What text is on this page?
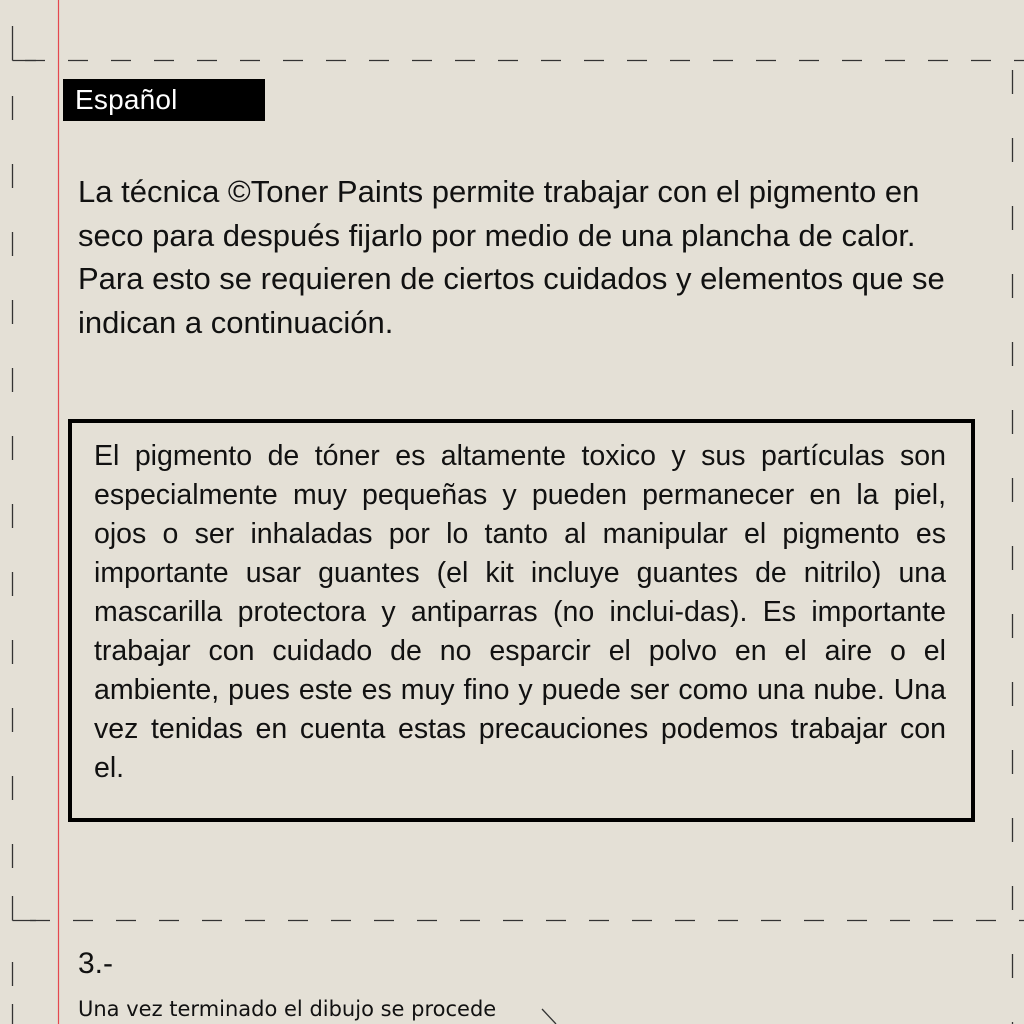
Español

La técnica ©Toner Paints permite trabajar con el pigmento en seco para después fijarlo por medio de una plancha de calor. Para esto se requieren de ciertos cuidados y elementos que se indican a continuación.

El pigmento de tóner es altamente toxico y sus partículas son especialmente muy pequeñas y pueden permanecer en la piel, ojos o ser inhaladas por lo tanto al manipular el pigmento es importante usar guantes (el kit incluye guantes de nitrilo) una mascarilla protectora y antiparras (no inclui-das). Es importante trabajar con cuidado de no esparcir el polvo en el aire o el ambiente, pues este es muy fino y puede ser como una nube. Una vez tenidas en cuenta estas precauciones podemos trabajar con el.

3.-
Una vez terminado el dibujo se procede
